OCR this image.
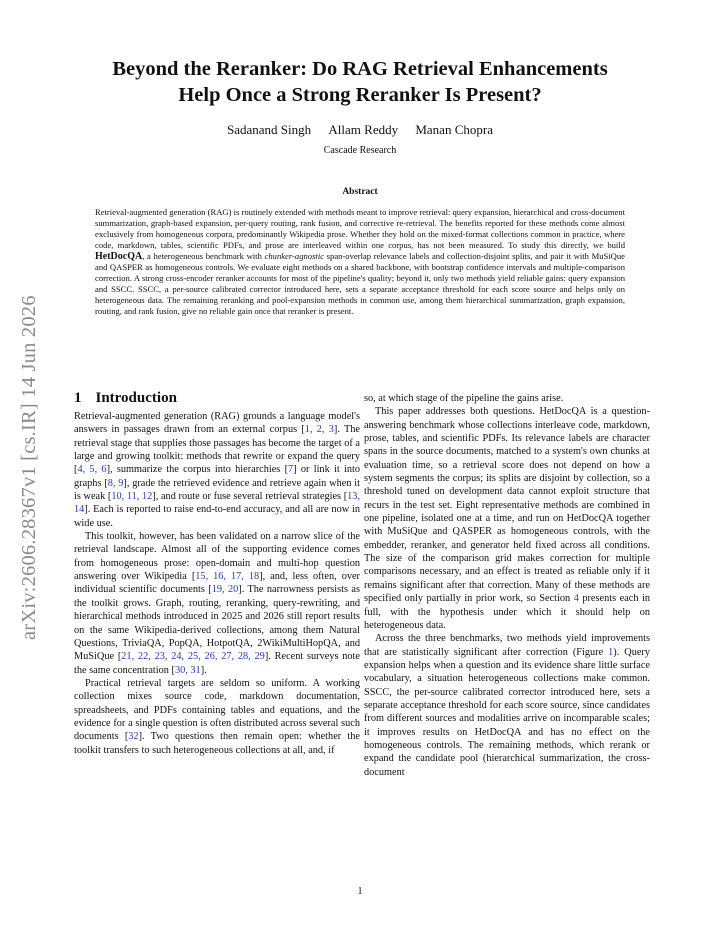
arXiv:2606.28367v1 [cs.IR] 14 Jun 2026
Beyond the Reranker: Do RAG Retrieval Enhancements
Help Once a Strong Reranker Is Present?
Sadanand Singh Allam Reddy Manan Chopra
Cascade Research
Abstract
Retrieval-augmented generation (RAG) is routinely extended with methods meant to improve retrieval: query expansion, hierarchical and cross-document summarization, graph-based expansion, per-query routing, rank fusion, and corrective re-retrieval. The benefits reported for these methods come almost exclusively from homogeneous corpora, predominantly Wikipedia prose. Whether they hold on the mixed-format collections common in practice, where code, markdown, tables, scientific PDFs, and prose are interleaved within one corpus, has not been measured. To study this directly, we build HetDocQA, a heterogeneous benchmark with chunker-agnostic span-overlap relevance labels and collection-disjoint splits, and pair it with MuSiQue and QASPER as homogeneous controls. We evaluate eight methods on a shared backbone, with bootstrap confidence intervals and multiple-comparison correction. A strong cross-encoder reranker accounts for most of the pipeline's quality; beyond it, only two methods yield reliable gains: query expansion and SSCC. SSCC, a per-source calibrated corrector introduced here, sets a separate acceptance threshold for each score source and helps only on heterogeneous data. The remaining reranking and pool-expansion methods in common use, among them hierarchical summarization, graph expansion, routing, and rank fusion, give no reliable gain once that reranker is present.
1 Introduction

Retrieval-augmented generation (RAG) grounds a language model's answers in passages drawn from an external corpus [1, 2, 3]. The retrieval stage that supplies those passages has become the target of a large and growing toolkit: methods that rewrite or expand the query [4, 5, 6], summarize the corpus into hierarchies [7] or link it into graphs [8, 9], grade the retrieved evidence and retrieve again when it is weak [10, 11, 12], and route or fuse several retrieval strategies [13, 14]. Each is reported to raise end-to-end accuracy, and all are now in wide use.

This toolkit, however, has been validated on a narrow slice of the retrieval landscape. Almost all of the supporting evidence comes from homogeneous prose: open-domain and multi-hop question answering over Wikipedia [15, 16, 17, 18], and, less often, over individual scientific documents [19, 20]. The narrowness persists as the toolkit grows. Graph, routing, reranking, query-rewriting, and hierarchical methods introduced in 2025 and 2026 still report results on the same Wikipedia-derived collections, among them Natural Questions, TriviaQA, PopQA, HotpotQA, 2WikiMultiHopQA, and MuSiQue [21, 22, 23, 24, 25, 26, 27, 28, 29]. Recent surveys note the same concentration [30, 31].

Practical retrieval targets are seldom so uniform. A working collection mixes source code, markdown documentation, spreadsheets, and PDFs containing tables and equations, and the evidence for a single question is often distributed across several such documents [32]. Two questions then remain open: whether the toolkit transfers to such heterogeneous collections at all, and, if

so, at which stage of the pipeline the gains arise.

This paper addresses both questions. HetDocQA is a question-answering benchmark whose collections interleave code, markdown, prose, tables, and scientific PDFs. Its relevance labels are character spans in the source documents, matched to a system's own chunks at evaluation time, so a retrieval score does not depend on how a system segments the corpus; its splits are disjoint by collection, so a threshold tuned on development data cannot exploit structure that recurs in the test set. Eight representative methods are combined in one pipeline, isolated one at a time, and run on HetDocQA together with MuSiQue and QASPER as homogeneous controls, with the embedder, reranker, and generator held fixed across all conditions. The size of the comparison grid makes correction for multiple comparisons necessary, and an effect is treated as reliable only if it remains significant after that correction. Many of these methods are specified only partially in prior work, so Section 4 presents each in full, with the hypothesis under which it should help on heterogeneous data.

Across the three benchmarks, two methods yield improvements that are statistically significant after correction (Figure 1). Query expansion helps when a question and its evidence share little surface vocabulary, a situation heterogeneous collections make common. SSCC, the per-source calibrated corrector introduced here, sets a separate acceptance threshold for each score source, since candidates from different sources and modalities arrive on incomparable scales; it improves results on HetDocQA and has no effect on the homogeneous controls. The remaining methods, which rerank or expand the candidate pool (hierarchical summarization, the cross-document

1
